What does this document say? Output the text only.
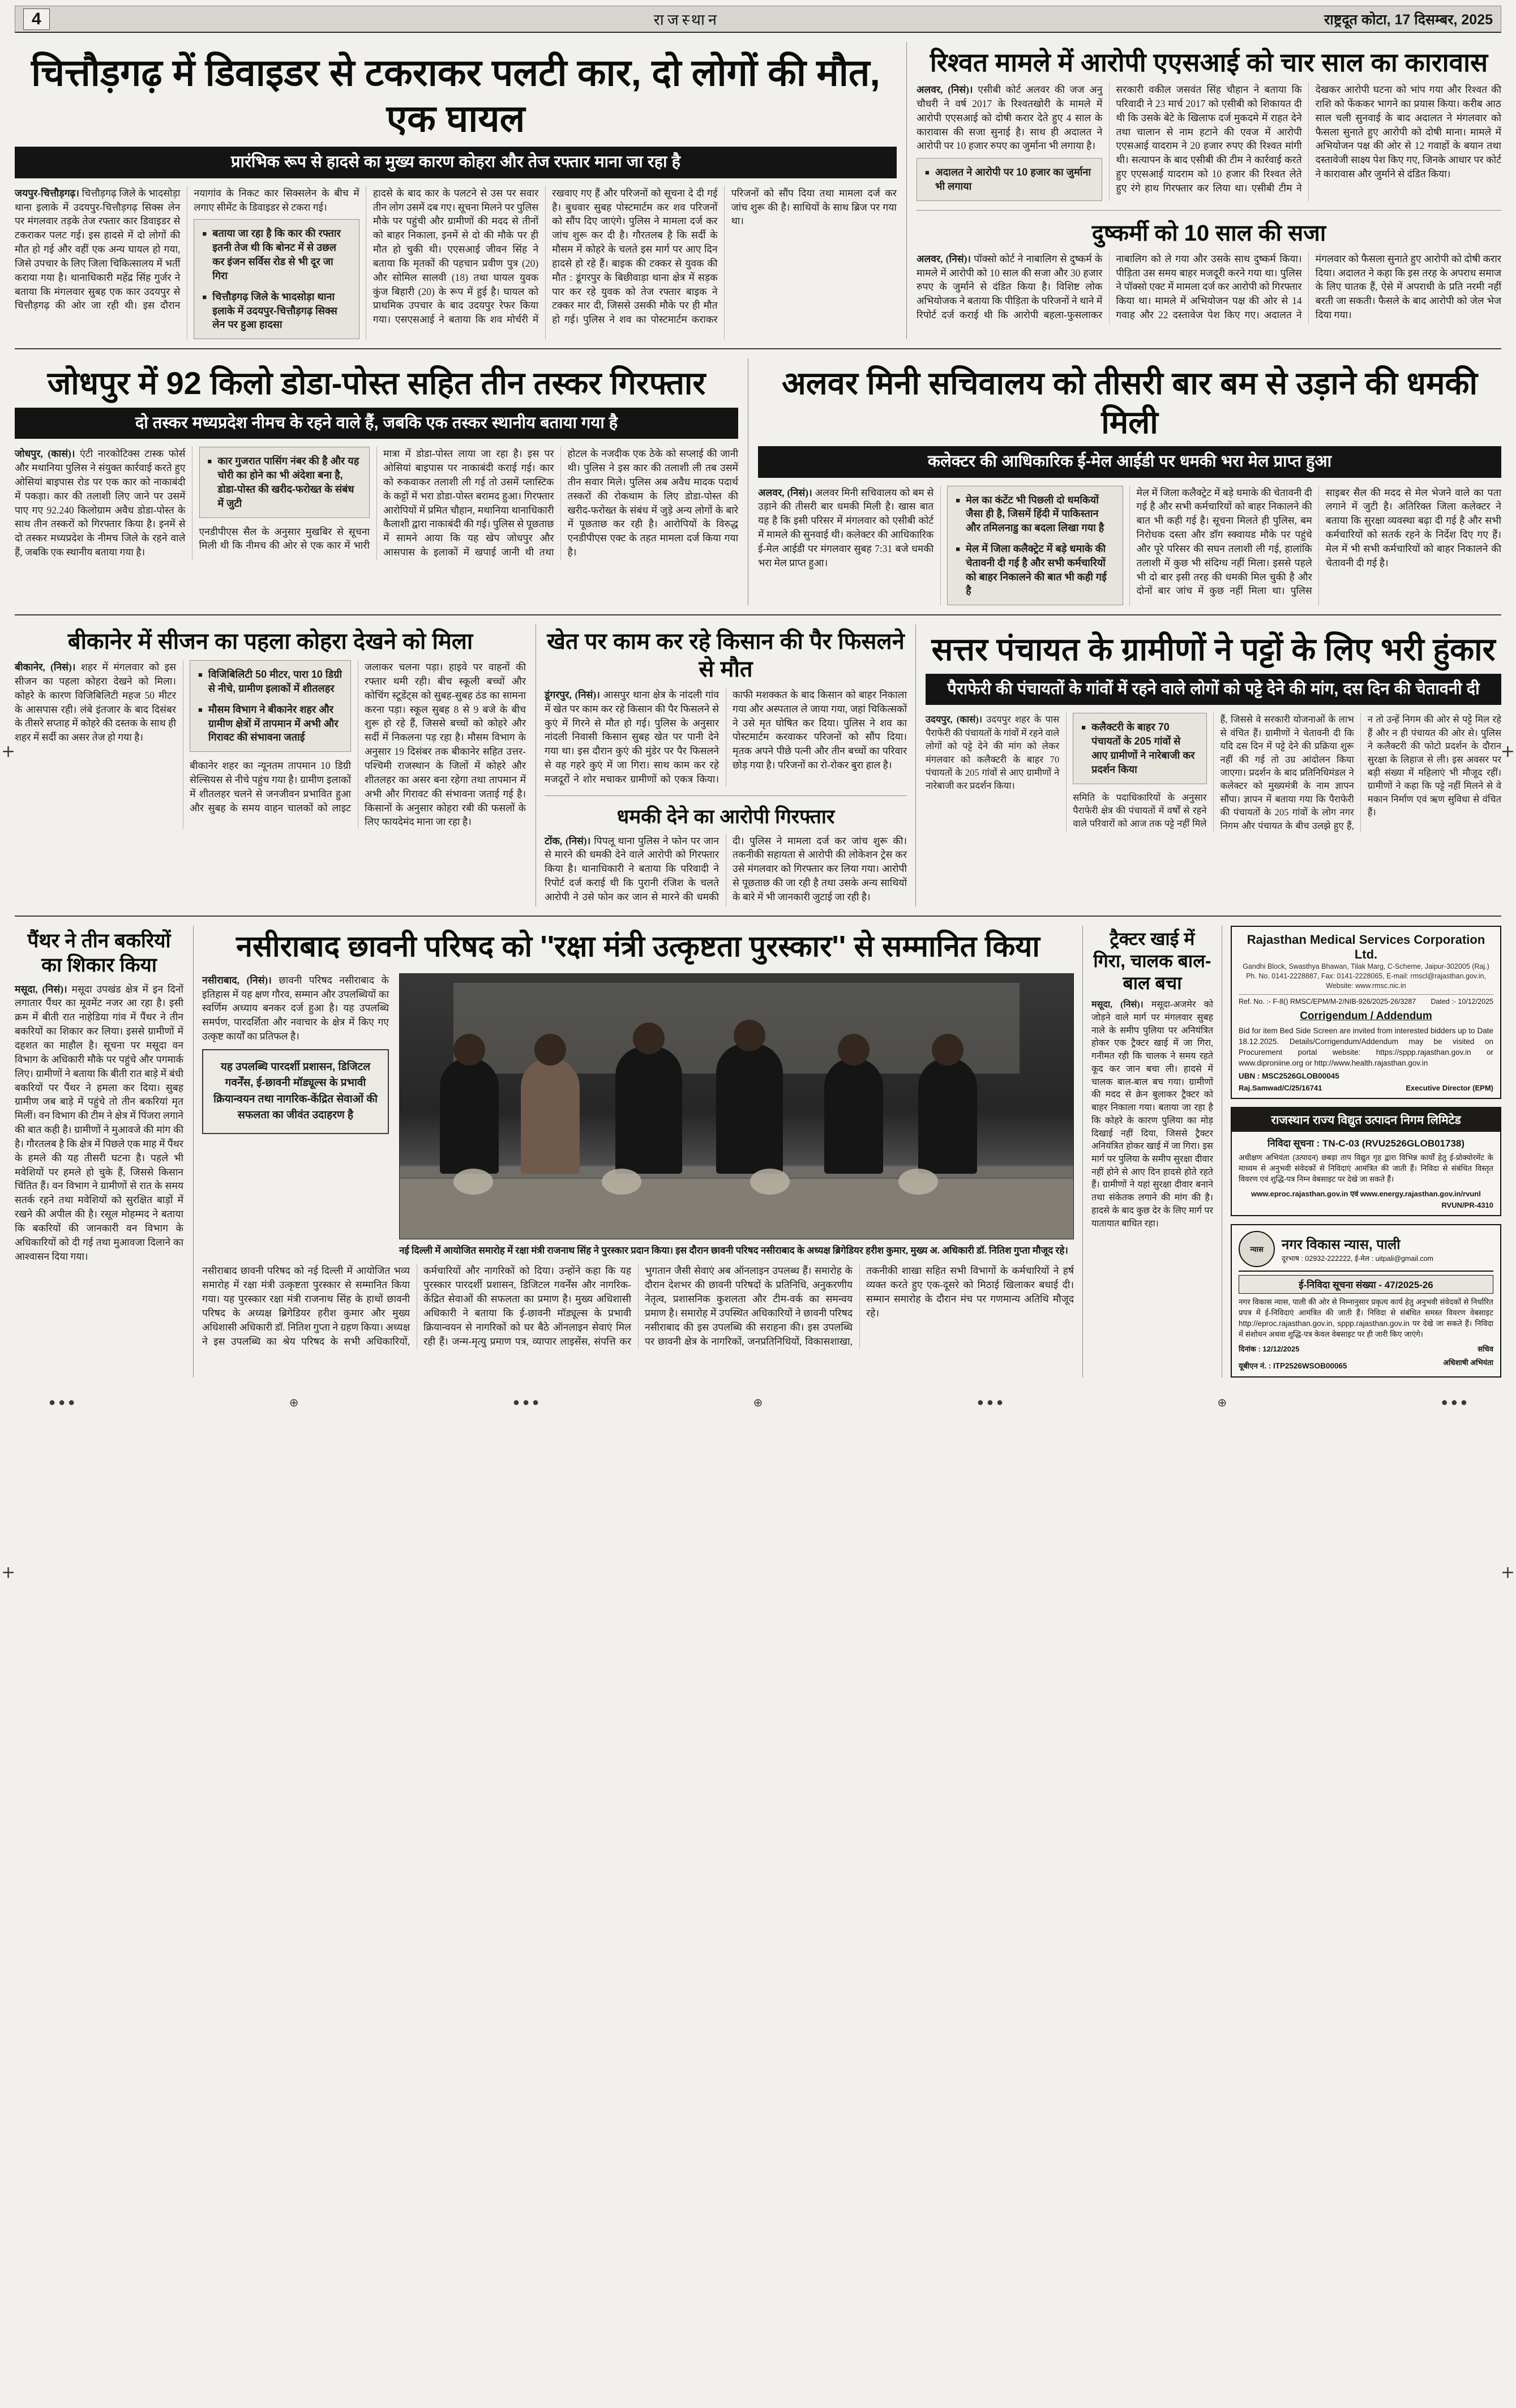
+	+
+	+
4	राजस्थान	राष्ट्रदूत कोटा, 17 दिसम्बर, 2025
चित्तौड़गढ़ में डिवाइडर से टकराकर पलटी कार, दो लोगों की मौत, एक घायल
प्रारंभिक रूप से हादसे का मुख्य कारण कोहरा और तेज रफ्तार माना जा रहा है

जयपुर-चित्तौड़गढ़। चित्तौड़गढ़ जिले के भादसोड़ा थाना इलाके में उदयपुर-चित्तौड़गढ़ सिक्स लेन पर मंगलवार तड़के तेज रफ्तार कार डिवाइडर से टकराकर पलट गई। इस हादसे में दो लोगों की मौत हो गई और वहीं एक अन्य घायल हो गया, जिसे उपचार के लिए जिला चिकित्सालय में भर्ती कराया गया है। थानाधिकारी महेंद्र सिंह गुर्जर ने बताया कि मंगलवार सुबह एक कार उदयपुर से चित्तौड़गढ़ की ओर जा रही थी। इस दौरान नयागांव के निकट कार सिक्सलेन के बीच में लगाए सीमेंट के डिवाइडर से टकरा गई।

■ बताया जा रहा है कि कार की रफ्तार इतनी तेज थी कि बोनट में से उछल कर इंजन सर्विस रोड से भी दूर जा गिरा
■ चित्तौड़गढ़ जिले के भादसोड़ा थाना इलाके में उदयपुर-चित्तौड़गढ़ सिक्स लेन पर हुआ हादसा

हादसे के बाद कार के पलटने से उस पर सवार तीन लोग उसमें दब गए। सूचना मिलने पर पुलिस मौके पर पहुंची और ग्रामीणों की मदद से तीनों को बाहर निकाला, इनमें से दो की मौके पर ही मौत हो चुकी थी। एएसआई जीवन सिंह ने बताया कि मृतकों की पहचान प्रवीण पुत्र (20) और सोमिल सालवी (18) तथा घायल युवक कुंज बिहारी (20) के रूप में हुई है। घायल को प्राथमिक उपचार के बाद उदयपुर रेफर किया गया। एसएसआई ने बताया कि शव मोर्चरी में रखवाए गए हैं और परिजनों को सूचना दे दी गई है। बुधवार सुबह पोस्टमार्टम कर शव परिजनों को सौंप दिए जाएंगे। पुलिस ने मामला दर्ज कर जांच शुरू कर दी है। गौरतलब है कि सर्दी के मौसम में कोहरे के चलते इस मार्ग पर आए दिन हादसे हो रहे हैं। बाइक की टक्कर से युवक की मौत : डूंगरपुर के बिछीवाड़ा थाना क्षेत्र में सड़क पार कर रहे युवक को तेज रफ्तार बाइक ने टक्कर मार दी, जिससे उसकी मौके पर ही मौत हो गई। पुलिस ने शव का पोस्टमार्टम कराकर परिजनों को सौंप दिया तथा मामला दर्ज कर जांच शुरू की है। साथियों के साथ ब्रिज पर गया था।

रिश्वत मामले में आरोपी एएसआई को चार साल का कारावास

अलवर, (निसं)। एसीबी कोर्ट अलवर की जज अनु चौधरी ने वर्ष 2017 के रिश्वतखोरी के मामले में आरोपी एएसआई को दोषी करार देते हुए 4 साल के कारावास की सजा सुनाई है। साथ ही अदालत ने आरोपी पर 10 हजार रुपए का जुर्माना भी लगाया है।

■ अदालत ने आरोपी पर 10 हजार का जुर्माना भी लगाया

सरकारी वकील जसवंत सिंह चौहान ने बताया कि परिवादी ने 23 मार्च 2017 को एसीबी को शिकायत दी थी कि उसके बेटे के खिलाफ दर्ज मुकदमे में राहत देने तथा चालान से नाम हटाने की एवज में आरोपी एएसआई यादराम ने 20 हजार रुपए की रिश्वत मांगी थी। सत्यापन के बाद एसीबी की टीम ने कार्रवाई करते हुए एएसआई यादराम को 10 हजार की रिश्वत लेते हुए रंगे हाथ गिरफ्तार कर लिया था। एसीबी टीम ने देखकर आरोपी घटना को भांप गया और रिश्वत की राशि को फेंककर भागने का प्रयास किया। करीब आठ साल चली सुनवाई के बाद अदालत ने मंगलवार को फैसला सुनाते हुए आरोपी को दोषी माना। मामले में अभियोजन पक्ष की ओर से 12 गवाहों के बयान तथा दस्तावेजी साक्ष्य पेश किए गए, जिनके आधार पर कोर्ट ने कारावास और जुर्माने से दंडित किया।

दुष्कर्मी को 10 साल की सजा

अलवर, (निसं)। पॉक्सो कोर्ट ने नाबालिग से दुष्कर्म के मामले में आरोपी को 10 साल की सजा और 30 हजार रुपए के जुर्माने से दंडित किया है। विशिष्ट लोक अभियोजक ने बताया कि पीड़िता के परिजनों ने थाने में रिपोर्ट दर्ज कराई थी कि आरोपी बहला-फुसलाकर नाबालिग को ले गया और उसके साथ दुष्कर्म किया। पीड़िता उस समय बाहर मजदूरी करने गया था। पुलिस ने पॉक्सो एक्ट में मामला दर्ज कर आरोपी को गिरफ्तार किया था। मामले में अभियोजन पक्ष की ओर से 14 गवाह और 22 दस्तावेज पेश किए गए। अदालत ने मंगलवार को फैसला सुनाते हुए आरोपी को दोषी करार दिया। अदालत ने कहा कि इस तरह के अपराध समाज के लिए घातक हैं, ऐसे में अपराधी के प्रति नरमी नहीं बरती जा सकती। फैसले के बाद आरोपी को जेल भेज दिया गया।

जोधपुर में 92 किलो डोडा-पोस्त सहित तीन तस्कर गिरफ्तार
दो तस्कर मध्यप्रदेश नीमच के रहने वाले हैं, जबकि एक तस्कर स्थानीय बताया गया है

जोधपुर, (कासं)। एंटी नारकोटिक्स टास्क फोर्स और मथानिया पुलिस ने संयुक्त कार्रवाई करते हुए ओसियां बाइपास रोड पर एक कार को नाकाबंदी में पकड़ा। कार की तलाशी लिए जाने पर उसमें पाए गए 92.240 किलोग्राम अवैध डोडा-पोस्त के साथ तीन तस्करों को गिरफ्तार किया है। इनमें से दो तस्कर मध्यप्रदेश के नीमच जिले के रहने वाले हैं, जबकि एक स्थानीय बताया गया है।

■ कार गुजरात पासिंग नंबर की है और यह चोरी का होने का भी अंदेशा बना है, डोडा-पोस्त की खरीद-फरोख्त के संबंध में जुटी

एनडीपीएस सैल के अनुसार मुखबिर से सूचना मिली थी कि नीमच की ओर से एक कार में भारी मात्रा में डोडा-पोस्त लाया जा रहा है। इस पर ओसियां बाइपास पर नाकाबंदी कराई गई। कार को रुकवाकर तलाशी ली गई तो उसमें प्लास्टिक के कट्टों में भरा डोडा-पोस्त बरामद हुआ। गिरफ्तार आरोपियों में प्रमित चौहान, मथानिया थानाधिकारी कैलाशी द्वारा नाकाबंदी की गई। पुलिस से पूछताछ में सामने आया कि यह खेप जोधपुर और आसपास के इलाकों में खपाई जानी थी तथा होटल के नजदीक एक ठेके को सप्लाई की जानी थी। पुलिस ने इस कार की तलाशी ली तब उसमें तीन सवार मिले। पुलिस अब अवैध मादक पदार्थ तस्करों की रोकथाम के लिए डोडा-पोस्त की खरीद-फरोख्त के संबंध में जुड़े अन्य लोगों के बारे में पूछताछ कर रही है। आरोपियों के विरुद्ध एनडीपीएस एक्ट के तहत मामला दर्ज किया गया है।

अलवर मिनी सचिवालय को तीसरी बार बम से उड़ाने की धमकी मिली
कलेक्टर की आधिकारिक ई-मेल आईडी पर धमकी भरा मेल प्राप्त हुआ

अलवर, (निसं)। अलवर मिनी सचिवालय को बम से उड़ाने की तीसरी बार धमकी मिली है। खास बात यह है कि इसी परिसर में मंगलवार को एसीबी कोर्ट में मामले की सुनवाई थी। कलेक्टर की आधिकारिक ई-मेल आईडी पर मंगलवार सुबह 7:31 बजे धमकी भरा मेल प्राप्त हुआ।

■ मेल का कंटेंट भी पिछली दो धमकियों जैसा ही है, जिसमें हिंदी में पाकिस्तान और तमिलनाडु का बदला लिखा गया है
■ मेल में जिला कलैक्ट्रेट में बड़े धमाके की चेतावनी दी गई है और सभी कर्मचारियों को बाहर निकालने की बात भी कही गई है

मेल में जिला कलैक्ट्रेट में बड़े धमाके की चेतावनी दी गई है और सभी कर्मचारियों को बाहर निकालने की बात भी कही गई है। सूचना मिलते ही पुलिस, बम निरोधक दस्ता और डॉग स्क्वायड मौके पर पहुंचे और पूरे परिसर की सघन तलाशी ली गई, हालांकि तलाशी में कुछ भी संदिग्ध नहीं मिला। इससे पहले भी दो बार इसी तरह की धमकी मिल चुकी है और दोनों बार जांच में कुछ नहीं मिला था। पुलिस साइबर सैल की मदद से मेल भेजने वाले का पता लगाने में जुटी है। अतिरिक्त जिला कलेक्टर ने बताया कि सुरक्षा व्यवस्था बढ़ा दी गई है और सभी कर्मचारियों को सतर्क रहने के निर्देश दिए गए हैं। मेल में भी सभी कर्मचारियों को बाहर निकालने की चेतावनी दी गई है।

बीकानेर में सीजन का पहला कोहरा देखने को मिला

बीकानेर, (निसं)। शहर में मंगलवार को इस सीजन का पहला कोहरा देखने को मिला। कोहरे के कारण विजिबिलिटी महज 50 मीटर के आसपास रही। लंबे इंतजार के बाद दिसंबर के तीसरे सप्ताह में कोहरे की दस्तक के साथ ही शहर में सर्दी का असर तेज हो गया है।

■ विजिबिलिटी 50 मीटर, पारा 10 डिग्री से नीचे, ग्रामीण इलाकों में शीतलहर
■ मौसम विभाग ने बीकानेर शहर और ग्रामीण क्षेत्रों में तापमान में अभी और गिरावट की संभावना जताई

बीकानेर शहर का न्यूनतम तापमान 10 डिग्री सेल्सियस से नीचे पहुंच गया है। ग्रामीण इलाकों में शीतलहर चलने से जनजीवन प्रभावित हुआ और सुबह के समय वाहन चालकों को लाइट जलाकर चलना पड़ा। हाइवे पर वाहनों की रफ्तार थमी रही। बीच स्कूली बच्चों और कोचिंग स्टूडेंट्स को सुबह-सुबह ठंड का सामना करना पड़ा। स्कूल सुबह 8 से 9 बजे के बीच शुरू हो रहे हैं, जिससे बच्चों को कोहरे और सर्दी में निकलना पड़ रहा है। मौसम विभाग के अनुसार 19 दिसंबर तक बीकानेर सहित उत्तर-पश्चिमी राजस्थान के जिलों में कोहरे और शीतलहर का असर बना रहेगा तथा तापमान में अभी और गिरावट की संभावना जताई गई है। किसानों के अनुसार कोहरा रबी की फसलों के लिए फायदेमंद माना जा रहा है।

खेत पर काम कर रहे किसान की पैर फिसलने से मौत

डूंगरपुर, (निसं)। आसपुर थाना क्षेत्र के नांदली गांव में खेत पर काम कर रहे किसान की पैर फिसलने से कुएं में गिरने से मौत हो गई। पुलिस के अनुसार नांदली निवासी किसान सुबह खेत पर पानी देने गया था। इस दौरान कुएं की मुंडेर पर पैर फिसलने से वह गहरे कुएं में जा गिरा। साथ काम कर रहे मजदूरों ने शोर मचाकर ग्रामीणों को एकत्र किया। काफी मशक्कत के बाद किसान को बाहर निकाला गया और अस्पताल ले जाया गया, जहां चिकित्सकों ने उसे मृत घोषित कर दिया। पुलिस ने शव का पोस्टमार्टम करवाकर परिजनों को सौंप दिया। मृतक अपने पीछे पत्नी और तीन बच्चों का परिवार छोड़ गया है। परिजनों का रो-रोकर बुरा हाल है।

धमकी देने का आरोपी गिरफ्तार

टोंक, (निसं)। पिपलू थाना पुलिस ने फोन पर जान से मारने की धमकी देने वाले आरोपी को गिरफ्तार किया है। थानाधिकारी ने बताया कि परिवादी ने रिपोर्ट दर्ज कराई थी कि पुरानी रंजिश के चलते आरोपी ने उसे फोन कर जान से मारने की धमकी दी। पुलिस ने मामला दर्ज कर जांच शुरू की। तकनीकी सहायता से आरोपी की लोकेशन ट्रेस कर उसे मंगलवार को गिरफ्तार कर लिया गया। आरोपी से पूछताछ की जा रही है तथा उसके अन्य साथियों के बारे में भी जानकारी जुटाई जा रही है।

सत्तर पंचायत के ग्रामीणों ने पट्टों के लिए भरी हुंकार
पैराफेरी की पंचायतों के गांवों में रहने वाले लोगों को पट्टे देने की मांग, दस दिन की चेतावनी दी

उदयपुर, (कासं)। उदयपुर शहर के पास पैराफेरी की पंचायतों के गांवों में रहने वाले लोगों को पट्टे देने की मांग को लेकर मंगलवार को कलैक्टरी के बाहर 70 पंचायतों के 205 गांवों से आए ग्रामीणों ने नारेबाजी कर प्रदर्शन किया।

■ कलैक्टरी के बाहर 70 पंचायतों के 205 गांवों से आए ग्रामीणों ने नारेबाजी कर प्रदर्शन किया

समिति के पदाधिकारियों के अनुसार पैराफेरी क्षेत्र की पंचायतों में वर्षों से रहने वाले परिवारों को आज तक पट्टे नहीं मिले हैं, जिससे वे सरकारी योजनाओं के लाभ से वंचित हैं। ग्रामीणों ने चेतावनी दी कि यदि दस दिन में पट्टे देने की प्रक्रिया शुरू नहीं की गई तो उग्र आंदोलन किया जाएगा। प्रदर्शन के बाद प्रतिनिधिमंडल ने कलेक्टर को मुख्यमंत्री के नाम ज्ञापन सौंपा। ज्ञापन में बताया गया कि पैराफेरी की पंचायतों के 205 गांवों के लोग नगर निगम और पंचायत के बीच उलझे हुए हैं, न तो उन्हें निगम की ओर से पट्टे मिल रहे हैं और न ही पंचायत की ओर से। पुलिस ने कलैक्टरी की फोटो प्रदर्शन के दौरान सुरक्षा के लिहाज से ली। इस अवसर पर बड़ी संख्या में महिलाएं भी मौजूद रहीं। ग्रामीणों ने कहा कि पट्टे नहीं मिलने से वे मकान निर्माण एवं ऋण सुविधा से वंचित हैं।

पैंथर ने तीन बकरियों का शिकार किया

मसूदा, (निसं)। मसूदा उपखंड क्षेत्र में इन दिनों लगातार पैंथर का मूवमेंट नजर आ रहा है। इसी क्रम में बीती रात नाहेडिया गांव में पैंथर ने तीन बकरियों का शिकार कर लिया। इससे ग्रामीणों में दहशत का माहौल है। सूचना पर मसूदा वन विभाग के अधिकारी मौके पर पहुंचे और पगमार्क लिए। ग्रामीणों ने बताया कि बीती रात बाड़े में बंधी बकरियों पर पैंथर ने हमला कर दिया। सुबह ग्रामीण जब बाड़े में पहुंचे तो तीन बकरियां मृत मिलीं। वन विभाग की टीम ने क्षेत्र में पिंजरा लगाने की बात कही है। ग्रामीणों ने मुआवजे की मांग की है। गौरतलब है कि क्षेत्र में पिछले एक माह में पैंथर के हमले की यह तीसरी घटना है। पहले भी मवेशियों पर हमले हो चुके हैं, जिससे किसान चिंतित हैं। वन विभाग ने ग्रामीणों से रात के समय सतर्क रहने तथा मवेशियों को सुरक्षित बाड़ों में रखने की अपील की है। रसूल मोहम्मद ने बताया कि बकरियों की जानकारी वन विभाग के अधिकारियों को दी गई तथा मुआवजा दिलाने का आश्वासन दिया गया।

नसीराबाद छावनी परिषद को ''रक्षा मंत्री उत्कृष्टता पुरस्कार'' से सम्मानित किया

नसीराबाद, (निसं)। छावनी परिषद नसीराबाद के इतिहास में यह क्षण गौरव, सम्मान और उपलब्धियों का स्वर्णिम अध्याय बनकर दर्ज हुआ है। यह उपलब्धि समर्पण, पारदर्शिता और नवाचार के क्षेत्र में किए गए उत्कृष्ट कार्यों का प्रतिफल है।

यह उपलब्धि पारदर्शी प्रशासन, डिजिटल गवर्नेंस, ई-छावनी मॉड्यूल्स के प्रभावी क्रियान्वयन तथा नागरिक-केंद्रित सेवाओं की सफलता का जीवंत उदाहरण है
नई दिल्ली में आयोजित समारोह में रक्षा मंत्री राजनाथ सिंह ने पुरस्कार प्रदान किया। इस दौरान छावनी परिषद नसीराबाद के अध्यक्ष ब्रिगेडियर हरीश कुमार, मुख्य अ. अधिकारी डॉ. नितिश गुप्ता मौजूद रहे।

नसीराबाद छावनी परिषद को नई दिल्ली में आयोजित भव्य समारोह में रक्षा मंत्री उत्कृष्टता पुरस्कार से सम्मानित किया गया। यह पुरस्कार रक्षा मंत्री राजनाथ सिंह के हाथों छावनी परिषद के अध्यक्ष ब्रिगेडियर हरीश कुमार और मुख्य अधिशासी अधिकारी डॉ. नितिश गुप्ता ने ग्रहण किया। अध्यक्ष ने इस उपलब्धि का श्रेय परिषद के सभी अधिकारियों, कर्मचारियों और नागरिकों को दिया। उन्होंने कहा कि यह पुरस्कार पारदर्शी प्रशासन, डिजिटल गवर्नेंस और नागरिक-केंद्रित सेवाओं की सफलता का प्रमाण है। मुख्य अधिशासी अधिकारी ने बताया कि ई-छावनी मॉड्यूल्स के प्रभावी क्रियान्वयन से नागरिकों को घर बैठे ऑनलाइन सेवाएं मिल रही हैं। जन्म-मृत्यु प्रमाण पत्र, व्यापार लाइसेंस, संपत्ति कर भुगतान जैसी सेवाएं अब ऑनलाइन उपलब्ध हैं। समारोह के दौरान देशभर की छावनी परिषदों के प्रतिनिधि, अनुकरणीय नेतृत्व, प्रशासनिक कुशलता और टीम-वर्क का समन्वय प्रमाण है। समारोह में उपस्थित अधिकारियों ने छावनी परिषद नसीराबाद की इस उपलब्धि की सराहना की। इस उपलब्धि पर छावनी क्षेत्र के नागरिकों, जनप्रतिनिधियों, विकासशाखा, तकनीकी शाखा सहित सभी विभागों के कर्मचारियों ने हर्ष व्यक्त करते हुए एक-दूसरे को मिठाई खिलाकर बधाई दी। सम्मान समारोह के दौरान मंच पर गणमान्य अतिथि मौजूद रहे।

ट्रैक्टर खाई में गिरा, चालक बाल-बाल बचा

मसूदा, (निसं)। मसूदा-अजमेर को जोड़ने वाले मार्ग पर मंगलवार सुबह नाले के समीप पुलिया पर अनियंत्रित होकर एक ट्रैक्टर खाई में जा गिरा, गनीमत रही कि चालक ने समय रहते कूद कर जान बचा ली। हादसे में चालक बाल-बाल बच गया। ग्रामीणों की मदद से क्रेन बुलाकर ट्रैक्टर को बाहर निकाला गया। बताया जा रहा है कि कोहरे के कारण पुलिया का मोड़ दिखाई नहीं दिया, जिससे ट्रैक्टर अनियंत्रित होकर खाई में जा गिरा। इस मार्ग पर पुलिया के समीप सुरक्षा दीवार नहीं होने से आए दिन हादसे होते रहते हैं। ग्रामीणों ने यहां सुरक्षा दीवार बनाने तथा संकेतक लगाने की मांग की है। हादसे के बाद कुछ देर के लिए मार्ग पर यातायात बाधित रहा।

Rajasthan Medical Services Corporation Ltd.
Gandhi Block, Swasthya Bhawan, Tilak Marg, C-Scheme, Jaipur-302005 (Raj.)
Ph. No. 0141-2228887, Fax: 0141-2228065, E-mail: rmscl@rajasthan.gov.in, Website: www.rmsc.nic.in
Ref. No. :- F-8() RMSC/EPM/M-2/NIB-926/2025-26/3287 Dated :- 10/12/2025
Corrigendum / Addendum
Bid for item Bed Side Screen are invited from interested bidders up to Date 18.12.2025. Details/Corrigendum/Addendum may be visited on Procurement portal website: https://sppp.rajasthan.gov.in or www.diproniine.org or http://www.health.rajasthan.gov.in
UBN : MSC2526GLOB00045
Raj.Samwad/C/25/16741	Executive Director (EPM)
राजस्थान राज्य विद्युत उत्पादन निगम लिमिटेड
निविदा सूचना : TN-C-03 (RVU2526GLOB01738)
अधीक्षण अभियंता (उत्पादन) छबड़ा ताप विद्युत गृह द्वारा विभिन्न कार्यों हेतु ई-प्रोक्योरमेंट के माध्यम से अनुभवी संवेदकों से निविदाएं आमंत्रित की जाती हैं। निविदा से संबंधित विस्तृत विवरण एवं शुद्धि-पत्र निम्न वेबसाइट पर देखे जा सकते हैं।
www.eproc.rajasthan.gov.in एवं www.energy.rajasthan.gov.in/rvunl
RVUN/PR-4310
न्यास	नगर विकास न्यास, पाली
दूरभाष : 02932-222222, ई-मेल : uitpali@gmail.com
ई-निविदा सूचना संख्या - 47/2025-26
नगर विकास न्यास, पाली की ओर से निम्नानुसार प्रकृत्य कार्य हेतु अनुभवी संवेदकों से निर्धारित प्रपत्र में ई-निविदाएं आमंत्रित की जाती हैं। निविदा से संबंधित समस्त विवरण वेबसाइट http://eproc.rajasthan.gov.in, sppp.rajasthan.gov.in पर देखे जा सकते हैं। निविदा में संशोधन अथवा शुद्धि-पत्र केवल वेबसाइट पर ही जारी किए जाएंगे।
दिनांक : 12/12/2025	सचिव
यूबीएन नं. : ITP2526WSOB00065	अधिशाषी अभियंता
● ● ●	⊕	● ● ●	⊕	● ● ●	⊕	● ● ●
